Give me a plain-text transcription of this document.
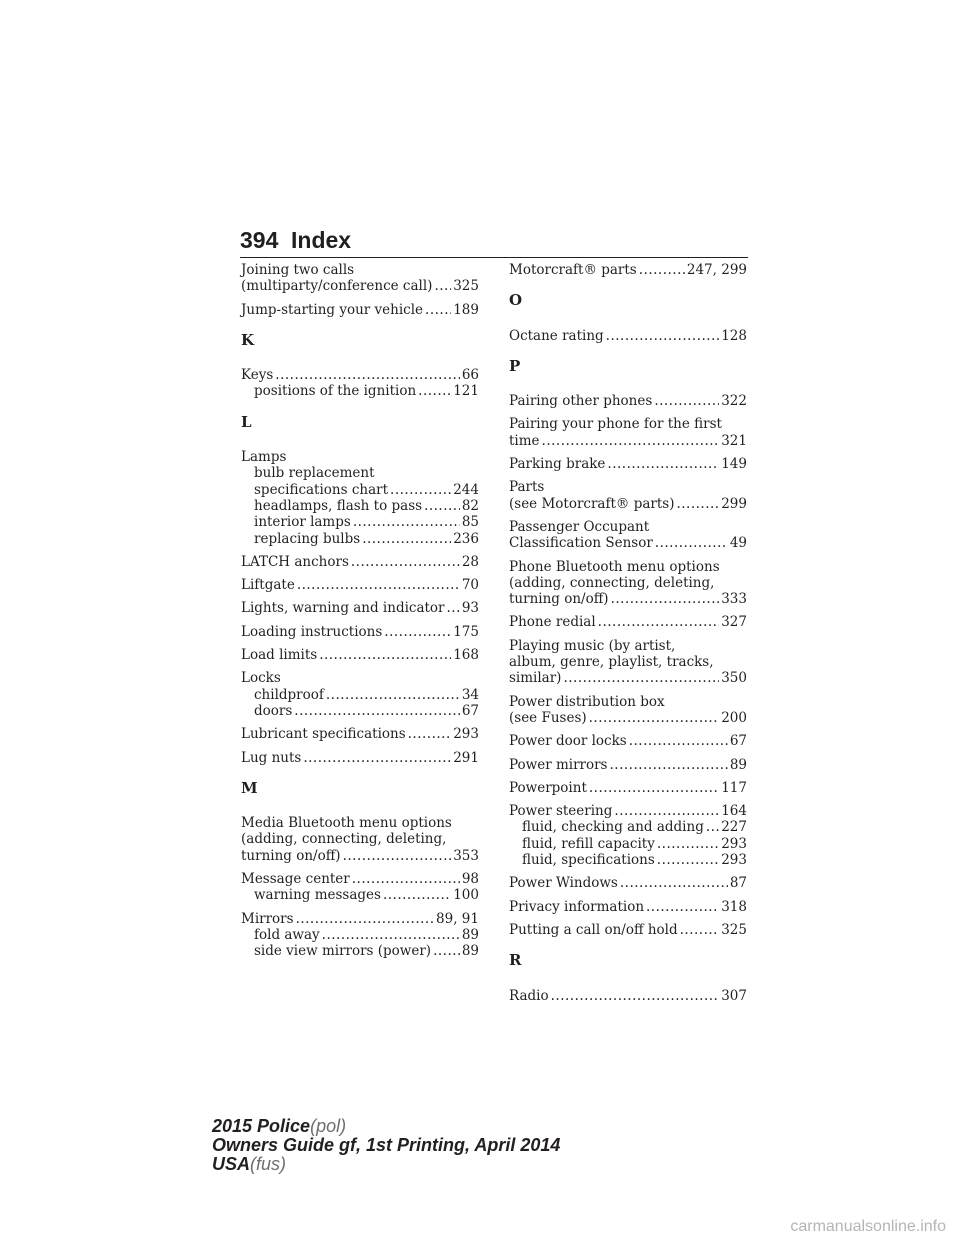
394 Index
Joining two calls
(multiparty/conference call) ..... 325
Jump-starting your vehicle ..... 189
K
Keys .....	66
positions of the ignition .....	121
L
Lamps
bulb replacement
specifications chart .....	244
headlamps, flash to pass .....	82
interior lamps .....	85
replacing bulbs .....	236
LATCH anchors .....	28
Liftgate .....	70
Lights, warning and indicator ..... 93
Loading instructions .....	175
Load limits .....	168
Locks
childproof .....	34
doors .....	67
Lubricant specifications .....	293
Lug nuts .....	291
M
Media Bluetooth menu options
(adding, connecting, deleting,
turning on/off) .....	353
Message center .....	98
warning messages .....	100
Mirrors .....	89, 91
fold away .....	89
side view mirrors (power) ..... 89
Motorcraft® parts .....	247, 299
O
Octane rating .....	128
P
Pairing other phones .....	322
Pairing your phone for the first
time .....	321
Parking brake .....	149
Parts
(see Motorcraft® parts) .....	299
Passenger Occupant
Classification Sensor .....	49
Phone Bluetooth menu options
(adding, connecting, deleting,
turning on/off) .....	333
Phone redial .....	327
Playing music (by artist,
album, genre, playlist, tracks,
similar) .....	350
Power distribution box
(see Fuses) .....	200
Power door locks .....	67
Power mirrors .....	89
Powerpoint .....	117
Power steering .....	164
fluid, checking and adding ..... 227
fluid, refill capacity .....	293
fluid, specifications .....	293
Power Windows .....	87
Privacy information .....	318
Putting a call on/off hold .....	325
R
Radio .....	307
2015 Police(pol)
Owners Guide gf, 1st Printing, April 2014
USA(fus)
carmanualsonline.info
